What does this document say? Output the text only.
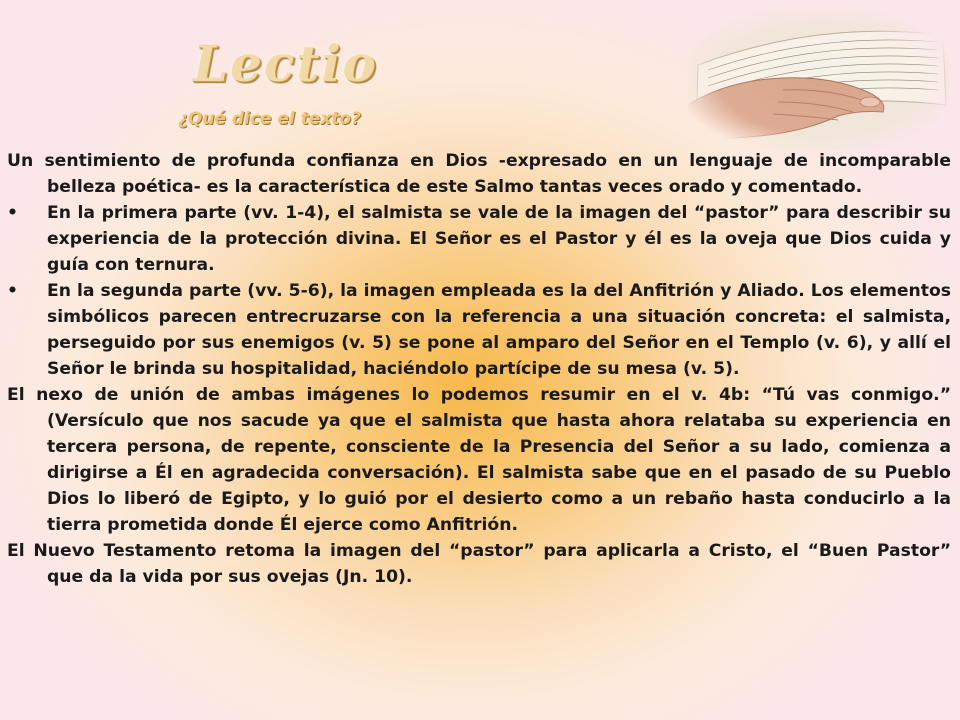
Lectio
¿Qué dice el texto?

Un sentimiento de profunda confianza en Dios -expresado en un lenguaje de incomparable belleza poética- es la característica de este Salmo tantas veces orado y comentado.

•	En la primera parte (vv. 1-4), el salmista se vale de la imagen del “pastor” para describir su experiencia de la protección divina. El Señor es el Pastor y él es la oveja que Dios cuida y guía con ternura.
•	En la segunda parte (vv. 5-6), la imagen empleada es la del Anfitrión y Aliado. Los elementos simbólicos parecen entrecruzarse con la referencia a una situación concreta: el salmista, perseguido por sus enemigos (v. 5) se pone al amparo del Señor en el Templo (v. 6), y allí el Señor le brinda su hospitalidad, haciéndolo partícipe de su mesa (v. 5).

El nexo de unión de ambas imágenes lo podemos resumir en el v. 4b: “Tú vas conmigo.” (Versículo que nos sacude ya que el salmista que hasta ahora relataba su experiencia en tercera persona, de repente, consciente de la Presencia del Señor a su lado, comienza a dirigirse a Él en agradecida conversación). El salmista sabe que en el pasado de su Pueblo Dios lo liberó de Egipto, y lo guió por el desierto como a un rebaño hasta conducirlo a la tierra prometida donde Él ejerce como Anfitrión.

El Nuevo Testamento retoma la imagen del “pastor” para aplicarla a Cristo, el “Buen Pastor” que da la vida por sus ovejas (Jn. 10).
